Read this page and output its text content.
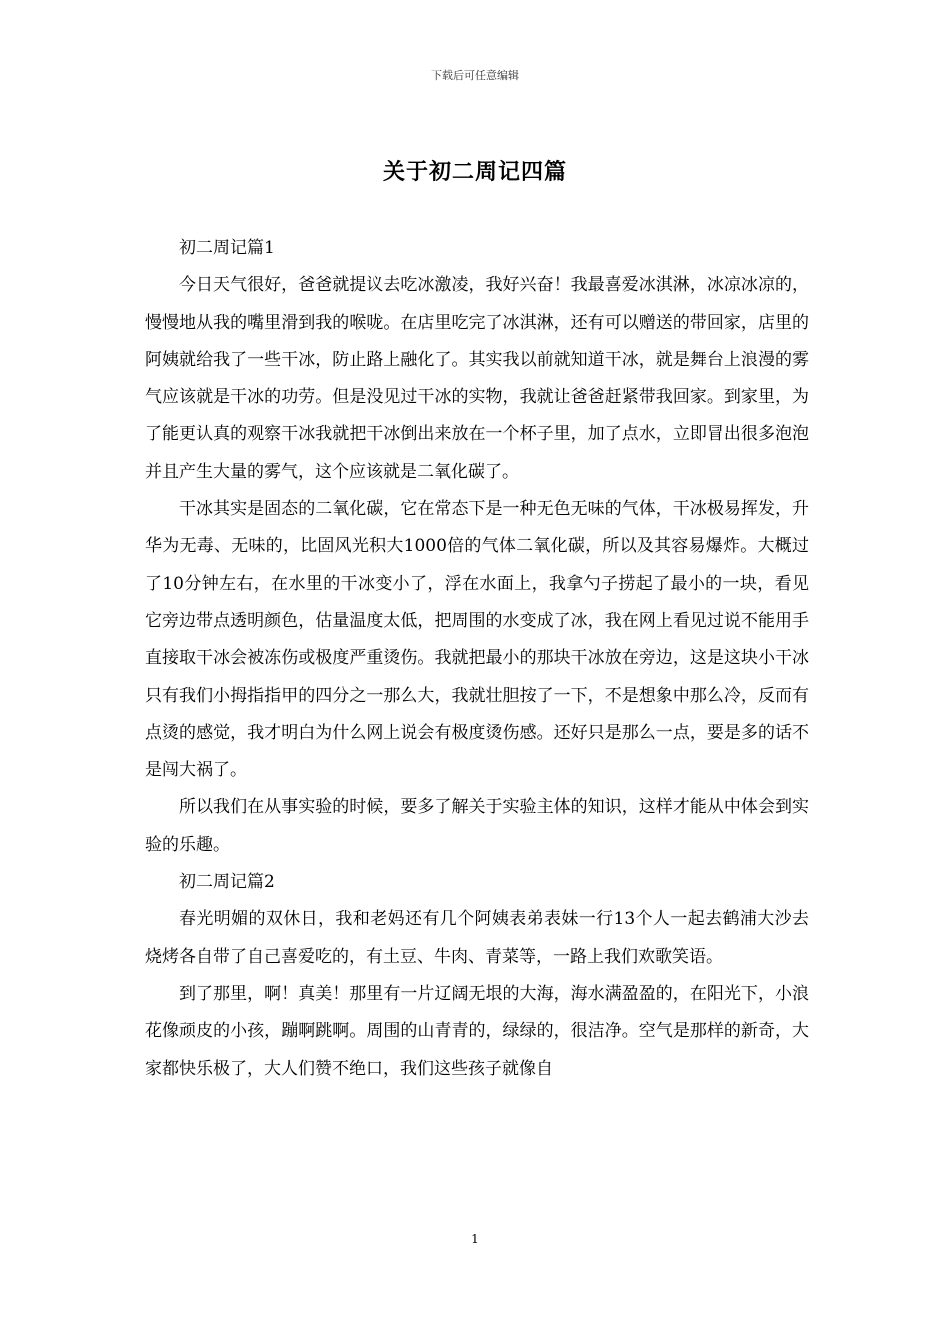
下载后可任意编辑
关于初二周记四篇

初二周记篇1

今日天气很好，爸爸就提议去吃冰激凌，我好兴奋！我最喜爱冰淇淋，冰凉冰凉的，慢慢地从我的嘴里滑到我的喉咙。在店里吃完了冰淇淋，还有可以赠送的带回家，店里的阿姨就给我了一些干冰，防止路上融化了。其实我以前就知道干冰，就是舞台上浪漫的雾气应该就是干冰的功劳。但是没见过干冰的实物，我就让爸爸赶紧带我回家。到家里，为了能更认真的观察干冰我就把干冰倒出来放在一个杯子里，加了点水，立即冒出很多泡泡并且产生大量的雾气，这个应该就是二氧化碳了。

干冰其实是固态的二氧化碳，它在常态下是一种无色无味的气体，干冰极易挥发，升华为无毒、无味的，比固风光积大1000倍的气体二氧化碳，所以及其容易爆炸。大概过了10分钟左右，在水里的干冰变小了，浮在水面上，我拿勺子捞起了最小的一块，看见它旁边带点透明颜色，估量温度太低，把周围的水变成了冰，我在网上看见过说不能用手直接取干冰会被冻伤或极度严重烫伤。我就把最小的那块干冰放在旁边，这是这块小干冰只有我们小拇指指甲的四分之一那么大，我就壮胆按了一下，不是想象中那么冷，反而有点烫的感觉，我才明白为什么网上说会有极度烫伤感。还好只是那么一点，要是多的话不是闯大祸了。

所以我们在从事实验的时候，要多了解关于实验主体的知识，这样才能从中体会到实验的乐趣。

初二周记篇2

春光明媚的双休日，我和老妈还有几个阿姨表弟表妹一行13个人一起去鹤浦大沙去烧烤各自带了自己喜爱吃的，有土豆、牛肉、青菜等，一路上我们欢歌笑语。

到了那里，啊！真美！那里有一片辽阔无垠的大海，海水满盈盈的，在阳光下，小浪花像顽皮的小孩，蹦啊跳啊。周围的山青青的，绿绿的，很洁净。空气是那样的新奇，大家都快乐极了，大人们赞不绝口，我们这些孩子就像自

1
